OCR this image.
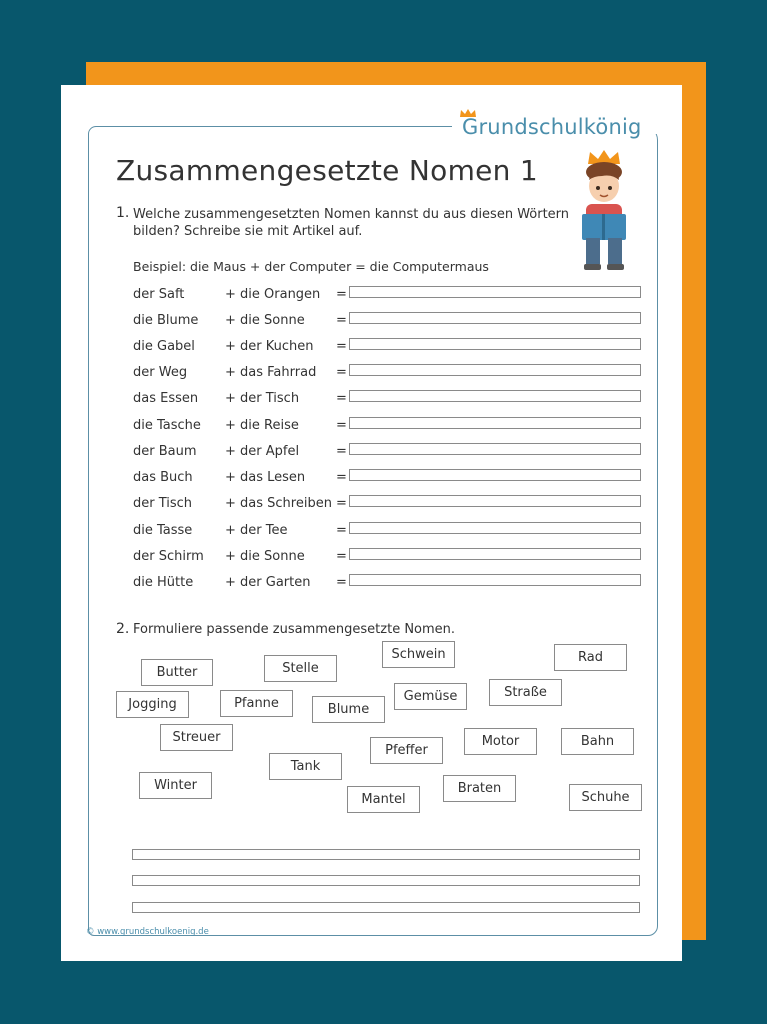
Grundschulkönig
Zusammengesetzte Nomen 1
1. Welche zusammengesetzten Nomen kannst du aus diesen Wörtern
bilden? Schreibe sie mit Artikel auf.
Beispiel: die Maus + der Computer = die Computermaus
der Saft	+ die Orangen =
die Blume + die Sonne =
die Gabel + der Kuchen =
der Weg	+ das Fahrrad =
das Essen + der Tisch	=
die Tasche + die Reise	=
der Baum + der Apfel	=
das Buch + das Lesen =
der Tisch	+ das Schreiben =
die Tasse	+ der Tee	=
der Schirm + die Sonne =
die Hütte + der Garten =
2. Formuliere passende zusammengesetzte Nomen.
Butter	Stelle
Schwein	Rad
Jogging	Pfanne	Blume
Gemüse	Straße
Streuer
Pfeffer
Motor	Bahn
Tank
Winter
Mantel
Braten
Schuhe
© www.grundschulkoenig.de
